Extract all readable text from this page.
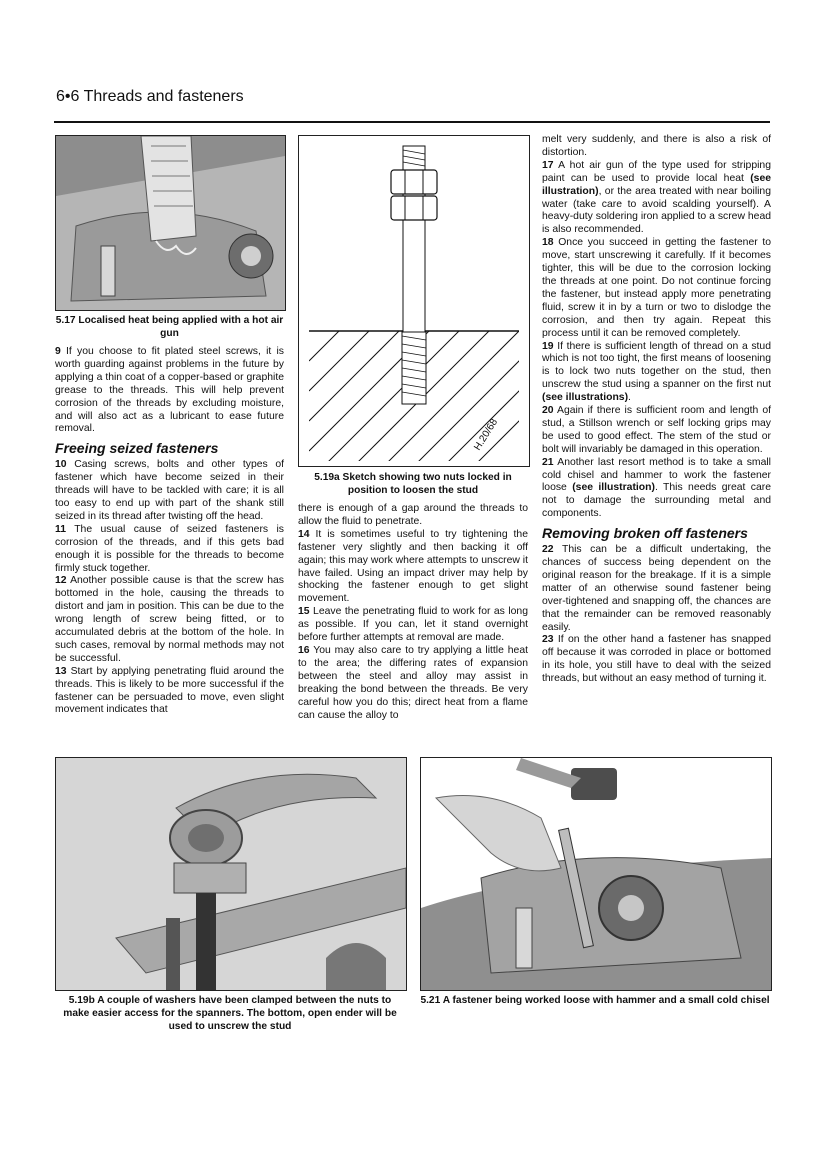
6•6 Threads and fasteners
5.17 Localised heat being applied with a hot air gun
H.20/68
5.19a Sketch showing two nuts locked in position to loosen the stud

9 If you choose to fit plated steel screws, it is worth guarding against problems in the future by applying a thin coat of a copper-based or graphite grease to the threads. This will help prevent corrosion of the threads by excluding moisture, and will also act as a lubricant to ease future removal.

Freeing seized fasteners

10 Casing screws, bolts and other types of fastener which have become seized in their threads will have to be tackled with care; it is all too easy to end up with part of the shank still seized in its thread after twisting off the head.

11 The usual cause of seized fasteners is corrosion of the threads, and if this gets bad enough it is possible for the threads to become firmly stuck together.

12 Another possible cause is that the screw has bottomed in the hole, causing the threads to distort and jam in position. This can be due to the wrong length of screw being fitted, or to accumulated debris at the bottom of the hole. In such cases, removal by normal methods may not be successful.

13 Start by applying penetrating fluid around the threads. This is likely to be more successful if the fastener can be persuaded to move, even slight movement indicates that

there is enough of a gap around the threads to allow the fluid to penetrate.

14 It is sometimes useful to try tightening the fastener very slightly and then backing it off again; this may work where attempts to unscrew it have failed. Using an impact driver may help by shocking the fastener enough to get slight movement.

15 Leave the penetrating fluid to work for as long as possible. If you can, let it stand overnight before further attempts at removal are made.

16 You may also care to try applying a little heat to the area; the differing rates of expansion between the steel and alloy may assist in breaking the bond between the threads. Be very careful how you do this; direct heat from a flame can cause the alloy to

melt very suddenly, and there is also a risk of distortion.

17 A hot air gun of the type used for stripping paint can be used to provide local heat (see illustration), or the area treated with near boiling water (take care to avoid scalding yourself). A heavy-duty soldering iron applied to a screw head is also recommended.

18 Once you succeed in getting the fastener to move, start unscrewing it carefully. If it becomes tighter, this will be due to the corrosion locking the threads at one point. Do not continue forcing the fastener, but instead apply more penetrating fluid, screw it in by a turn or two to dislodge the corrosion, and then try again. Repeat this process until it can be removed completely.

19 If there is sufficient length of thread on a stud which is not too tight, the first means of loosening is to lock two nuts together on the stud, then unscrew the stud using a spanner on the first nut (see illustrations).

20 Again if there is sufficient room and length of stud, a Stillson wrench or self locking grips may be used to good effect. The stem of the stud or bolt will invariably be damaged in this operation.

21 Another last resort method is to take a small cold chisel and hammer to work the fastener loose (see illustration). This needs great care not to damage the surrounding metal and components.

Removing broken off fasteners

22 This can be a difficult undertaking, the chances of success being dependent on the original reason for the breakage. If it is a simple matter of an otherwise sound fastener being over-tightened and snapping off, the chances are that the remainder can be removed reasonably easily.

23 If on the other hand a fastener has snapped off because it was corroded in place or bottomed in its hole, you still have to deal with the seized threads, but without an easy method of turning it.

5.19b A couple of washers have been clamped between the nuts to make easier access for the spanners. The bottom, open ender will be used to unscrew the stud
5.21 A fastener being worked loose with hammer and a small cold chisel
